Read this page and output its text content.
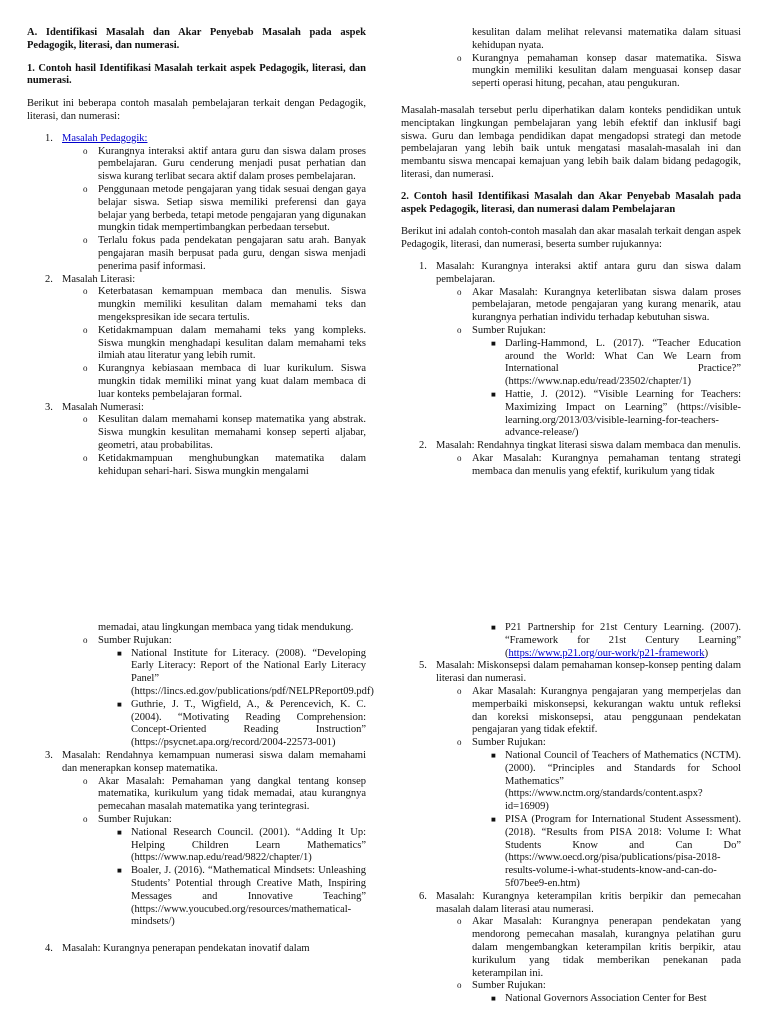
A. Identifikasi Masalah dan Akar Penyebab Masalah pada aspek Pedagogik, literasi, dan numerasi.
1. Contoh hasil Identifikasi Masalah terkait aspek Pedagogik, literasi, dan numerasi.

Berikut ini beberapa contoh masalah pembelajaran terkait dengan Pedagogik, literasi, dan numerasi:

1. Masalah Pedagogik:
o Kurangnya interaksi aktif antara guru dan siswa dalam proses pembelajaran. Guru cenderung menjadi pusat perhatian dan siswa kurang terlibat secara aktif dalam proses pembelajaran.
o Penggunaan metode pengajaran yang tidak sesuai dengan gaya belajar siswa. Setiap siswa memiliki preferensi dan gaya belajar yang berbeda, tetapi metode pengajaran yang digunakan mungkin tidak mempertimbangkan perbedaan tersebut.
o Terlalu fokus pada pendekatan pengajaran satu arah. Banyak pengajaran masih berpusat pada guru, dengan siswa menjadi penerima pasif informasi.
2. Masalah Literasi:
o Keterbatasan kemampuan membaca dan menulis. Siswa mungkin memiliki kesulitan dalam memahami teks dan mengekspresikan ide secara tertulis.
o Ketidakmampuan dalam memahami teks yang kompleks. Siswa mungkin menghadapi kesulitan dalam memahami teks ilmiah atau literatur yang lebih rumit.
o Kurangnya kebiasaan membaca di luar kurikulum. Siswa mungkin tidak memiliki minat yang kuat dalam membaca di luar konteks pembelajaran formal.
3. Masalah Numerasi:
o Kesulitan dalam memahami konsep matematika yang abstrak. Siswa mungkin kesulitan memahami konsep seperti aljabar, geometri, atau probabilitas.
o Ketidakmampuan menghubungkan matematika dalam kehidupan sehari-hari. Siswa mungkin mengalami
kesulitan dalam melihat relevansi matematika dalam situasi kehidupan nyata.
o Kurangnya pemahaman konsep dasar matematika. Siswa mungkin memiliki kesulitan dalam menguasai konsep dasar seperti operasi hitung, pecahan, atau pengukuran.

Masalah-masalah tersebut perlu diperhatikan dalam konteks pendidikan untuk menciptakan lingkungan pembelajaran yang lebih efektif dan inklusif bagi siswa. Guru dan lembaga pendidikan dapat mengadopsi strategi dan metode pembelajaran yang lebih baik untuk mengatasi masalah-masalah ini dan membantu siswa mencapai kemajuan yang lebih baik dalam bidang pedagogik, literasi, dan numerasi.

2. Contoh hasil Identifikasi Masalah dan Akar Penyebab Masalah pada aspek Pedagogik, literasi, dan numerasi dalam Pembelajaran

Berikut ini adalah contoh-contoh masalah dan akar masalah terkait dengan aspek Pedagogik, literasi, dan numerasi, beserta sumber rujukannya:

1. Masalah: Kurangnya interaksi aktif antara guru dan siswa dalam pembelajaran.
o Akar Masalah: Kurangnya keterlibatan siswa dalam proses pembelajaran, metode pengajaran yang kurang menarik, atau kurangnya perhatian individu terhadap kebutuhan siswa.
o Sumber Rujukan:
■ Darling-Hammond, L. (2017). “Teacher Education around the World: What Can We Learn from International Practice?” (https://www.nap.edu/read/23502/chapter/1)
■ Hattie, J. (2012). “Visible Learning for Teachers: Maximizing Impact on Learning” (https://visible-learning.org/2013/03/visible-learning-for-teachers-advance-release/)
2. Masalah: Rendahnya tingkat literasi siswa dalam membaca dan menulis.
o Akar Masalah: Kurangnya pemahaman tentang strategi membaca dan menulis yang efektif, kurikulum yang tidak
memadai, atau lingkungan membaca yang tidak mendukung.
o Sumber Rujukan:
■ National Institute for Literacy. (2008). “Developing Early Literacy: Report of the National Early Literacy Panel” (https://lincs.ed.gov/publications/pdf/NELPReport09.pdf)
■ Guthrie, J. T., Wigfield, A., & Perencevich, K. C. (2004). “Motivating Reading Comprehension: Concept-Oriented Reading Instruction” (https://psycnet.apa.org/record/2004-22573-001)
3. Masalah: Rendahnya kemampuan numerasi siswa dalam memahami dan menerapkan konsep matematika.
o Akar Masalah: Pemahaman yang dangkal tentang konsep matematika, kurikulum yang tidak memadai, atau kurangnya pemecahan masalah matematika yang terintegrasi.
o Sumber Rujukan:
■ National Research Council. (2001). “Adding It Up: Helping Children Learn Mathematics” (https://www.nap.edu/read/9822/chapter/1)
■ Boaler, J. (2016). “Mathematical Mindsets: Unleashing Students’ Potential through Creative Math, Inspiring Messages and Innovative Teaching” (https://www.youcubed.org/resources/mathematical-mindsets/)
4. Masalah: Kurangnya penerapan pendekatan inovatif dalam
■ P21 Partnership for 21st Century Learning. (2007). “Framework for 21st Century Learning” (https://www.p21.org/our-work/p21-framework)
5. Masalah: Miskonsepsi dalam pemahaman konsep-konsep penting dalam literasi dan numerasi.
o Akar Masalah: Kurangnya pengajaran yang memperjelas dan memperbaiki miskonsepsi, kekurangan waktu untuk refleksi dan koreksi miskonsepsi, atau penggunaan pendekatan pengajaran yang tidak efektif.
o Sumber Rujukan:
■ National Council of Teachers of Mathematics (NCTM). (2000). “Principles and Standards for School Mathematics” (https://www.nctm.org/standards/content.aspx?id=16909)
■ PISA (Program for International Student Assessment). (2018). “Results from PISA 2018: Volume I: What Students Know and Can Do” (https://www.oecd.org/pisa/publications/pisa-2018-results-volume-i-what-students-know-and-can-do-5f07bee9-en.htm)
6. Masalah: Kurangnya keterampilan kritis berpikir dan pemecahan masalah dalam literasi atau numerasi.
o Akar Masalah: Kurangnya penerapan pendekatan yang mendorong pemecahan masalah, kurangnya pelatihan guru dalam mengembangkan keterampilan kritis berpikir, atau kurikulum yang tidak memberikan penekanan pada keterampilan ini.
o Sumber Rujukan:
■ National Governors Association Center for Best
